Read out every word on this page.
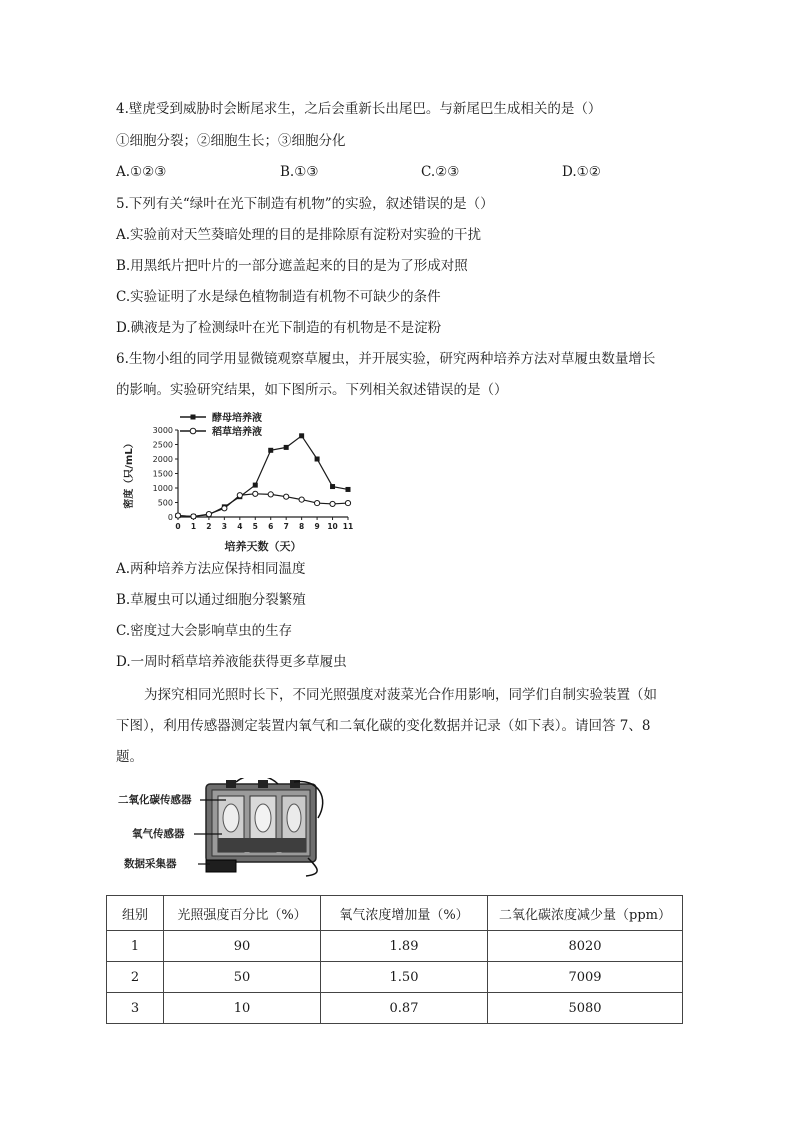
4.壁虎受到威胁时会断尾求生，之后会重新长出尾巴。与新尾巴生成相关的是（）
①细胞分裂；②细胞生长；③细胞分化
A.①②③	B.①③	C.②③	D.①②
5.下列有关“绿叶在光下制造有机物”的实验，叙述错误的是（）
A.实验前对天竺葵暗处理的目的是排除原有淀粉对实验的干扰
B.用黑纸片把叶片的一部分遮盖起来的目的是为了形成对照
C.实验证明了水是绿色植物制造有机物不可缺少的条件
D.碘液是为了检测绿叶在光下制造的有机物是不是淀粉
6.生物小组的同学用显微镜观察草履虫，并开展实验，研究两种培养方法对草履虫数量增长
的影响。实验研究结果，如下图所示。下列相关叙述错误的是（）
0
500
1000
1500
2000
2500
3000
0 1 2 3 4 5 6 7 8 9 10 11
培养天数（天）
密度（只/mL）
酵母培养液
稻草培养液
A.两种培养方法应保持相同温度
B.草履虫可以通过细胞分裂繁殖
C.密度过大会影响草虫的生存
D.一周时稻草培养液能获得更多草履虫
为探究相同光照时长下，不同光照强度对菠菜光合作用影响，同学们自制实验装置（如
下图），利用传感器测定装置内氧气和二氧化碳的变化数据并记录（如下表）。请回答 7、8
题。
二氧化碳传感器
氧气传感器
数据采集器
组别	光照强度百分比（%）	氧气浓度增加量（%）	二氧化碳浓度减少量（ppm）
1	90	1.89	8020
2	50	1.50	7009
3	10	0.87	5080
